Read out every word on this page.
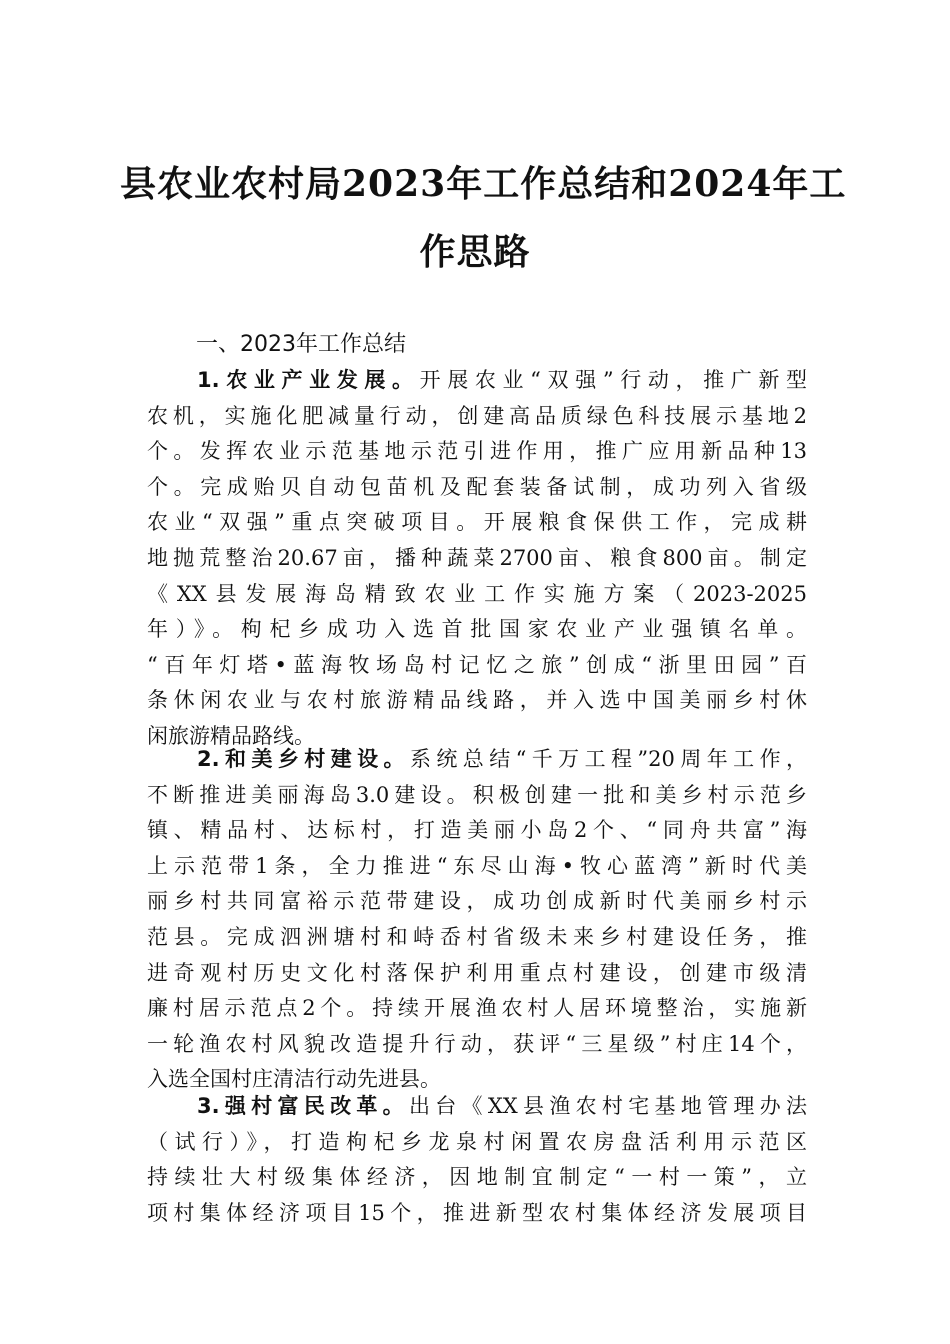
县农业农村局2023年工作总结和2024年工
作思路
一、2023年工作总结
1.农业产业发展。开展农业“双强”行动，推广新型
农机，实施化肥减量行动，创建高品质绿色科技展示基地2
个。发挥农业示范基地示范引进作用，推广应用新品种13
个。完成贻贝自动包苗机及配套装备试制，成功列入省级
农业“双强”重点突破项目。开展粮食保供工作，完成耕
地抛荒整治20.67亩，播种蔬菜2700亩、粮食800亩。制定
《XX县发展海岛精致农业工作实施方案（2023-2025
年）》。枸杞乡成功入选首批国家农业产业强镇名单。
“百年灯塔•蓝海牧场岛村记忆之旅”创成“浙里田园”百
条休闲农业与农村旅游精品线路，并入选中国美丽乡村休
闲旅游精品路线。
2.和美乡村建设。系统总结“千万工程”20周年工作，
不断推进美丽海岛3.0建设。积极创建一批和美乡村示范乡
镇、精品村、达标村，打造美丽小岛2个、“同舟共富”海
上示范带1条，全力推进“东尽山海•牧心蓝湾”新时代美
丽乡村共同富裕示范带建设，成功创成新时代美丽乡村示
范县。完成泗洲塘村和峙岙村省级未来乡村建设任务，推
进奇观村历史文化村落保护利用重点村建设，创建市级清
廉村居示范点2个。持续开展渔农村人居环境整治，实施新
一轮渔农村风貌改造提升行动，获评“三星级”村庄14个，
入选全国村庄清洁行动先进县。
3.强村富民改革。出台《XX县渔农村宅基地管理办法
（试行）》，打造枸杞乡龙泉村闲置农房盘活利用示范区
持续壮大村级集体经济，因地制宜制定“一村一策”，立
项村集体经济项目15个，推进新型农村集体经济发展项目
